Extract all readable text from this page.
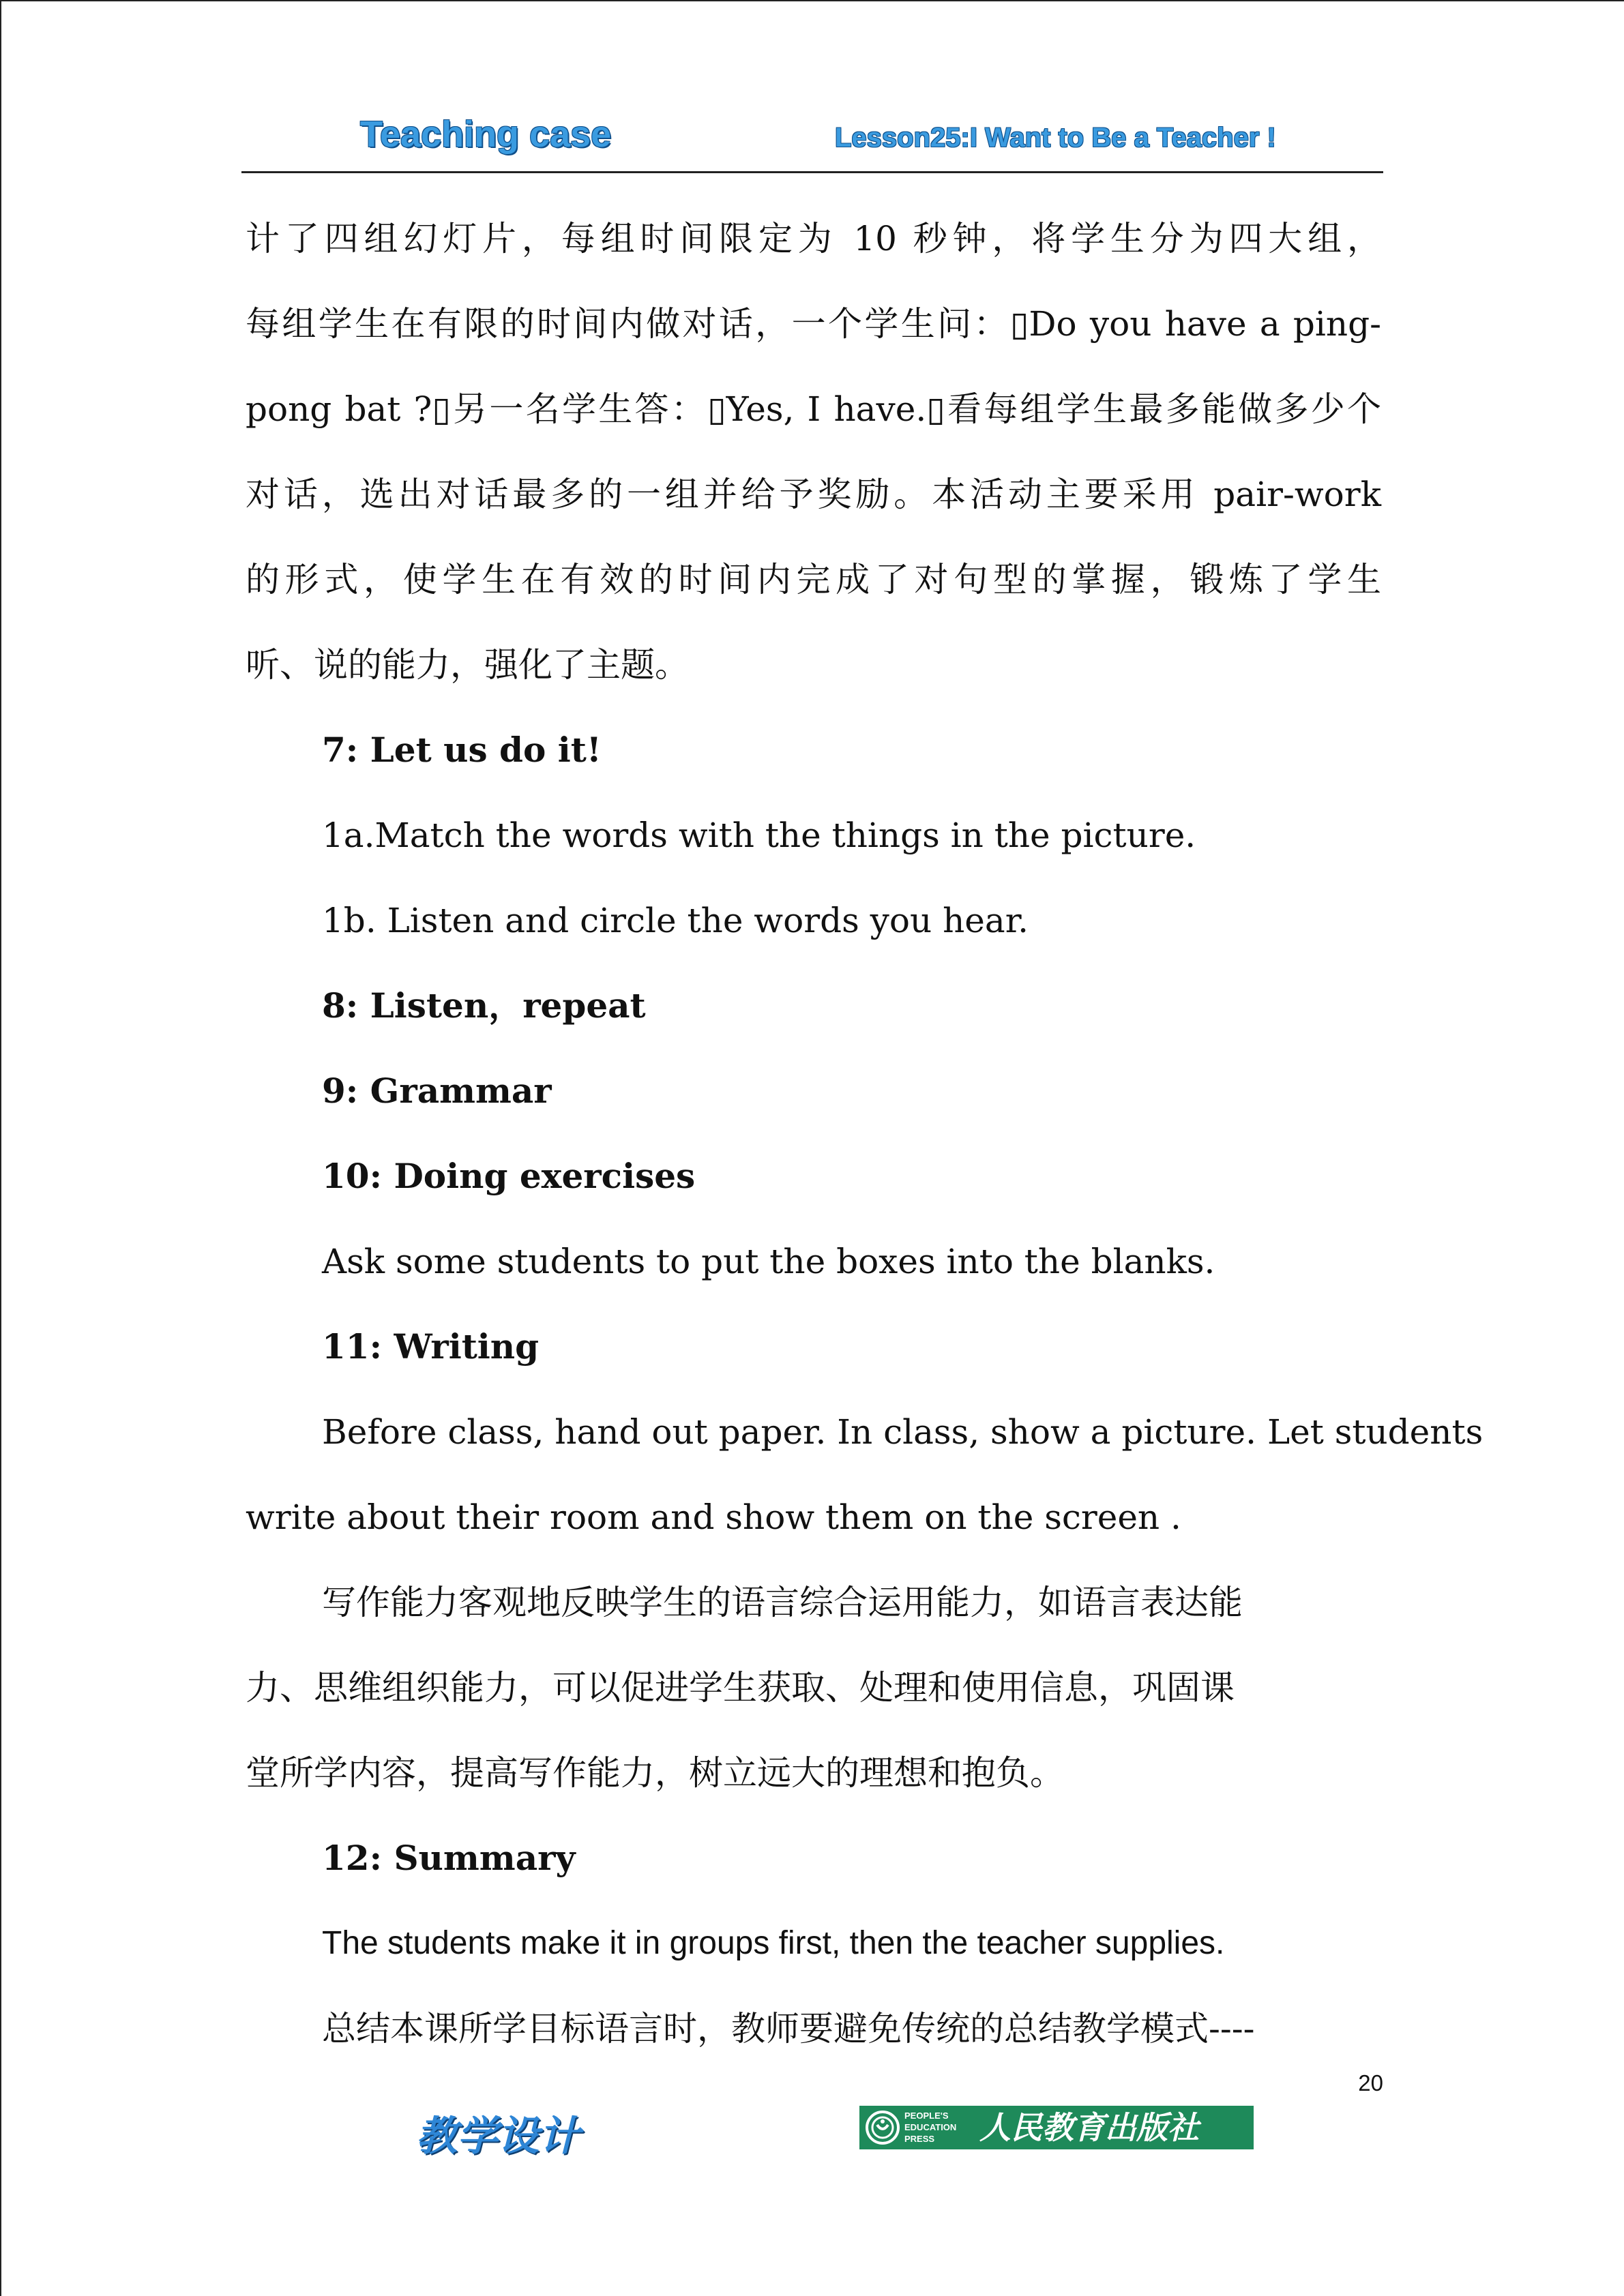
Teaching case	Lesson25:I Want to Be a Teacher !
计了四组幻灯片，每组时间限定为 10 秒钟，将学生分为四大组，
每组学生在有限的时间内做对话，一个学生问：▯Do you have a ping-
pong bat ?▯另一名学生答：▯Yes, I have.▯看每组学生最多能做多少个
对话，选出对话最多的一组并给予奖励。本活动主要采用 pair-work
的形式，使学生在有效的时间内完成了对句型的掌握，锻炼了学生
听、说的能力，强化了主题。
7: Let us do it!
1a.Match the words with the things in the picture.
1b. Listen and circle the words you hear.
8: Listen，repeat
9: Grammar
10: Doing exercises
Ask some students to put the boxes into the blanks.
11: Writing
Before class, hand out paper. In class, show a picture. Let students
write about their room and show them on the screen .
写作能力客观地反映学生的语言综合运用能力，如语言表达能
力、思维组织能力，可以促进学生获取、处理和使用信息，巩固课
堂所学内容，提高写作能力，树立远大的理想和抱负。
12: Summary
The students make it in groups first, then the teacher supplies.
总结本课所学目标语言时，教师要避免传统的总结教学模式----
20
教学设计	PEOPLE'S EDUCATION PRESS	人民教育出版社
